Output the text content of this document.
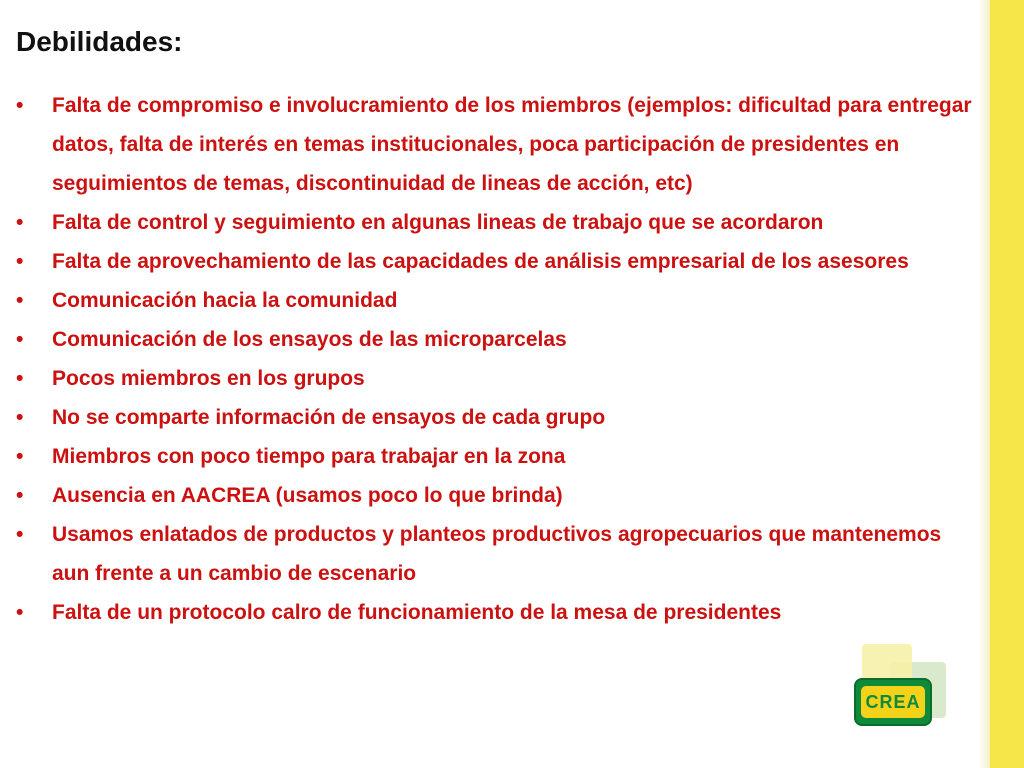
Debilidades:
•	Falta de compromiso e involucramiento de los miembros (ejemplos: dificultad para entregar datos, falta de interés en temas institucionales, poca participación de presidentes en seguimientos de temas, discontinuidad de lineas de acción, etc)
•	Falta de control y seguimiento en algunas lineas de trabajo que se acordaron
•	Falta de aprovechamiento de las capacidades de análisis empresarial de los asesores
•	Comunicación hacia la comunidad
•	Comunicación de los ensayos de las microparcelas
•	Pocos miembros en los grupos
•	No se comparte información de ensayos de cada grupo
•	Miembros con poco tiempo para trabajar en la zona
•	Ausencia en AACREA (usamos poco lo que brinda)
•	Usamos enlatados de productos y planteos productivos agropecuarios que mantenemos aun frente a un cambio de escenario
•	Falta de un protocolo calro de funcionamiento de la mesa de presidentes
CREA
